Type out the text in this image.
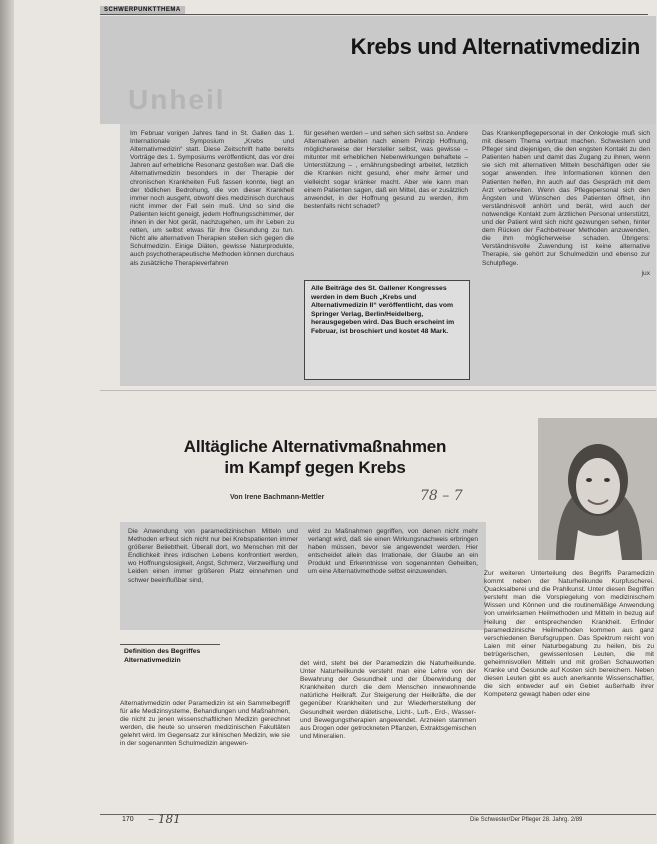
SCHWERPUNKTTHEMA
Unheil
Krebs und Alternativmedizin

Im Februar vorigen Jahres fand in St. Gallen das 1. Internationale Symposium „Krebs und Alternativmedizin“ statt. Diese Zeitschrift hatte bereits Vorträge des 1. Symposiums veröffentlicht, das vor drei Jahren auf erhebliche Resonanz gestoßen war. Daß die Alternativmedizin besonders in der Therapie der chronischen Krankheiten Fuß fassen konnte, liegt an der tödlichen Bedrohung, die von dieser Krankheit immer noch ausgeht, obwohl dies medizinisch durchaus nicht immer der Fall sein muß. Und so sind die Patienten leicht geneigt, jedem Hoffnungsschimmer, der ihnen in der Not gerät, nachzugehen, um ihr Leben zu retten, um selbst etwas für ihre Gesundung zu tun. Nicht alle alternativen Therapien stellen sich gegen die Schulmedizin. Einige Diäten, gewisse Naturprodukte, auch psychotherapeutische Methoden können durchaus als zusätzliche Therapieverfahren

für gesehen werden – und sehen sich selbst so. Andere Alternativen arbeiten nach einem Prinzip Hoffnung, möglicherweise der Hersteller selbst, was gewisse – mitunter mit erheblichen Nebenwirkungen behaftete – Unterstützung – , ernährungsbedingt arbeitet, letztlich die Kranken nicht gesund, eher mehr ärmer und vielleicht sogar kränker macht. Aber wie kann man einem Patienten sagen, daß ein Mittel, das er zusätzlich anwendet, in der Hoffnung gesund zu werden, ihm bestenfalls nicht schadet?

Alle Beiträge des St. Gallener Kongresses werden in dem Buch „Krebs und Alternativmedizin II“ veröffentlicht, das vom Springer Verlag, Berlin/Heidelberg, herausgegeben wird. Das Buch erscheint im Februar, ist broschiert und kostet 48 Mark.

Das Krankenpflegepersonal in der Onkologie muß sich mit diesem Thema vertraut machen. Schwestern und Pfleger sind diejenigen, die den engsten Kontakt zu den Patienten haben und damit das Zugang zu ihnen, wenn sie sich mit alternativen Mitteln beschäftigen oder sie sogar anwenden. Ihre Informationen können den Patienten helfen, ihn auch auf das Gespräch mit dem Arzt vorbereiten. Wenn das Pflegepersonal sich den Ängsten und Wünschen des Patienten öffnet, ihn verständnisvoll anhört und berät, wird auch der notwendige Kontakt zum ärztlichen Personal unterstützt, und der Patient wird sich nicht gezwungen sehen, hinter dem Rücken der Fachbetreuer Methoden anzuwenden, die ihm möglicherweise schaden. Übrigens: Verständnisvolle Zuwendung ist keine alternative Therapie, sie gehört zur Schulmedizin und ebenso zur Schulpflege.

jux

Alltägliche Alternativmaßnahmen
im Kampf gegen Krebs
Von Irene Bachmann-Mettler	78 – 7

Die Anwendung von paramedizinischen Mitteln und Methoden erfreut sich nicht nur bei Krebspatienten immer größerer Beliebtheit. Überall dort, wo Menschen mit der Endlichkeit ihres irdischen Lebens konfrontiert werden, wo Hoffnungslosigkeit, Angst, Schmerz, Verzweiflung und Leiden einen immer größeren Platz einnehmen und schwer beeinflußbar sind,

wird zu Maßnahmen gegriffen, von denen nicht mehr verlangt wird, daß sie einen Wirkungsnachweis erbringen haben müssen, bevor sie angewendet werden. Hier entscheidet allein das Irrationale, der Glaube an ein Produkt und Erkenntnisse von sogenannten Geheilten, um eine Alternativmethode selbst einzuwenden.

Definition des Begriffes Alternativmedizin

Alternativmedizin oder Paramedizin ist ein Sammelbegriff für alle Medizinsysteme, Behandlungen und Maßnahmen, die nicht zu jenen wissenschaftlichen Medizin gerechnet werden, die heute so unseren medizinischen Fakultäten gelehrt wird. Im Gegensatz zur klinischen Medizin, wie sie in der sogenannten Schulmedizin angewen-

det wird, steht bei der Paramedizin die Naturheilkunde. Unter Naturheilkunde versteht man eine Lehre von der Bewahrung der Gesundheit und der Überwindung der Krankheiten durch die dem Menschen innewohnende natürliche Heilkraft. Zur Steigerung der Heilkräfte, die der gegenüber Krankheiten und zur Wiederherstellung der Gesundheit werden diätetische, Licht-, Luft-, Erd-, Wasser- und Bewegungstherapien angewendet. Arzneien stammen aus Drogen oder getrockneten Pflanzen, Extraktsgemischen und Mineralien.

Zur weiteren Unterteilung des Begriffs Paramedizin kommt neben der Naturheilkunde Kurpfuscherei. Quacksalberei und die Prahlkunst. Unter diesen Begriffen versteht man die Vorspiegelung von medizinischem Wissen und Können und die routinemäßige Anwendung von unwirksamen Heilmethoden und Mitteln in bezug auf Heilung der entsprechenden Krankheit. Erfinder paramedizinische Heilmethoden kommen aus ganz verschiedenen Berufsgruppen. Das Spektrum reicht von Laien mit einer Naturbegabung zu heilen, bis zu betrügerischen, gewissenlosen Leuten, die mit geheimnisvollen Mitteln und mit großen Schauworten Kranke und Gesunde auf Kosten sich bereichern. Neben diesen Leuten gibt es auch anerkannte Wissenschaftler, die sich entweder auf ein Gebiet außerhalb ihrer Kompetenz gewagt haben oder eine

170 – 181	Die Schwester/Der Pfleger 28. Jahrg. 2/89
